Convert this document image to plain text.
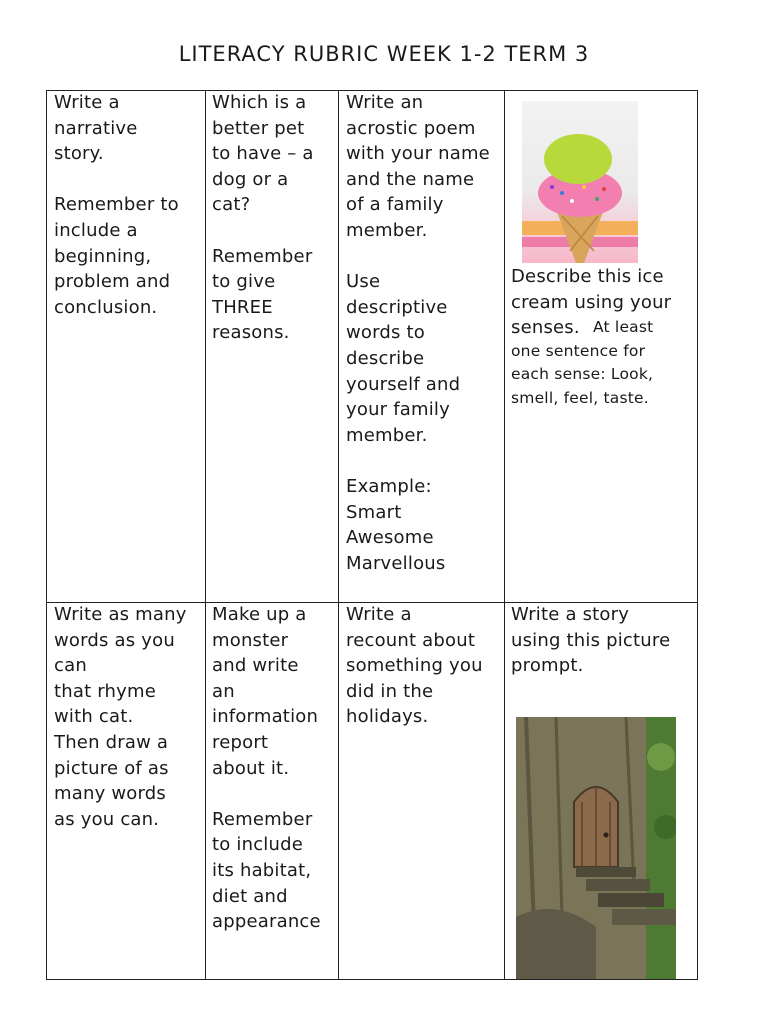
LITERACY RUBRIC WEEK 1-2 TERM 3

Write a
narrative
story.

Remember to
include a
beginning,
problem and
conclusion.

Which is a
better pet
to have – a
dog or a
cat?

Remember
to give
THREE
reasons.

Write an
acrostic poem
with your name
and the name
of a family
member.

Use
descriptive
words to
describe
yourself and
your family
member.

Example:
Smart
Awesome
Marvellous

Describe this ice
cream using your
senses. At least
one sentence for
each sense: Look,
smell, feel, taste.

Write as many
words as you
can
that rhyme
with cat.
Then draw a
picture of as
many words
as you can.

Make up a
monster
and write
an
information
report
about it.

Remember
to include
its habitat,
diet and
appearance

Write a
recount about
something you
did in the
holidays.

Write a story
using this picture
prompt.
